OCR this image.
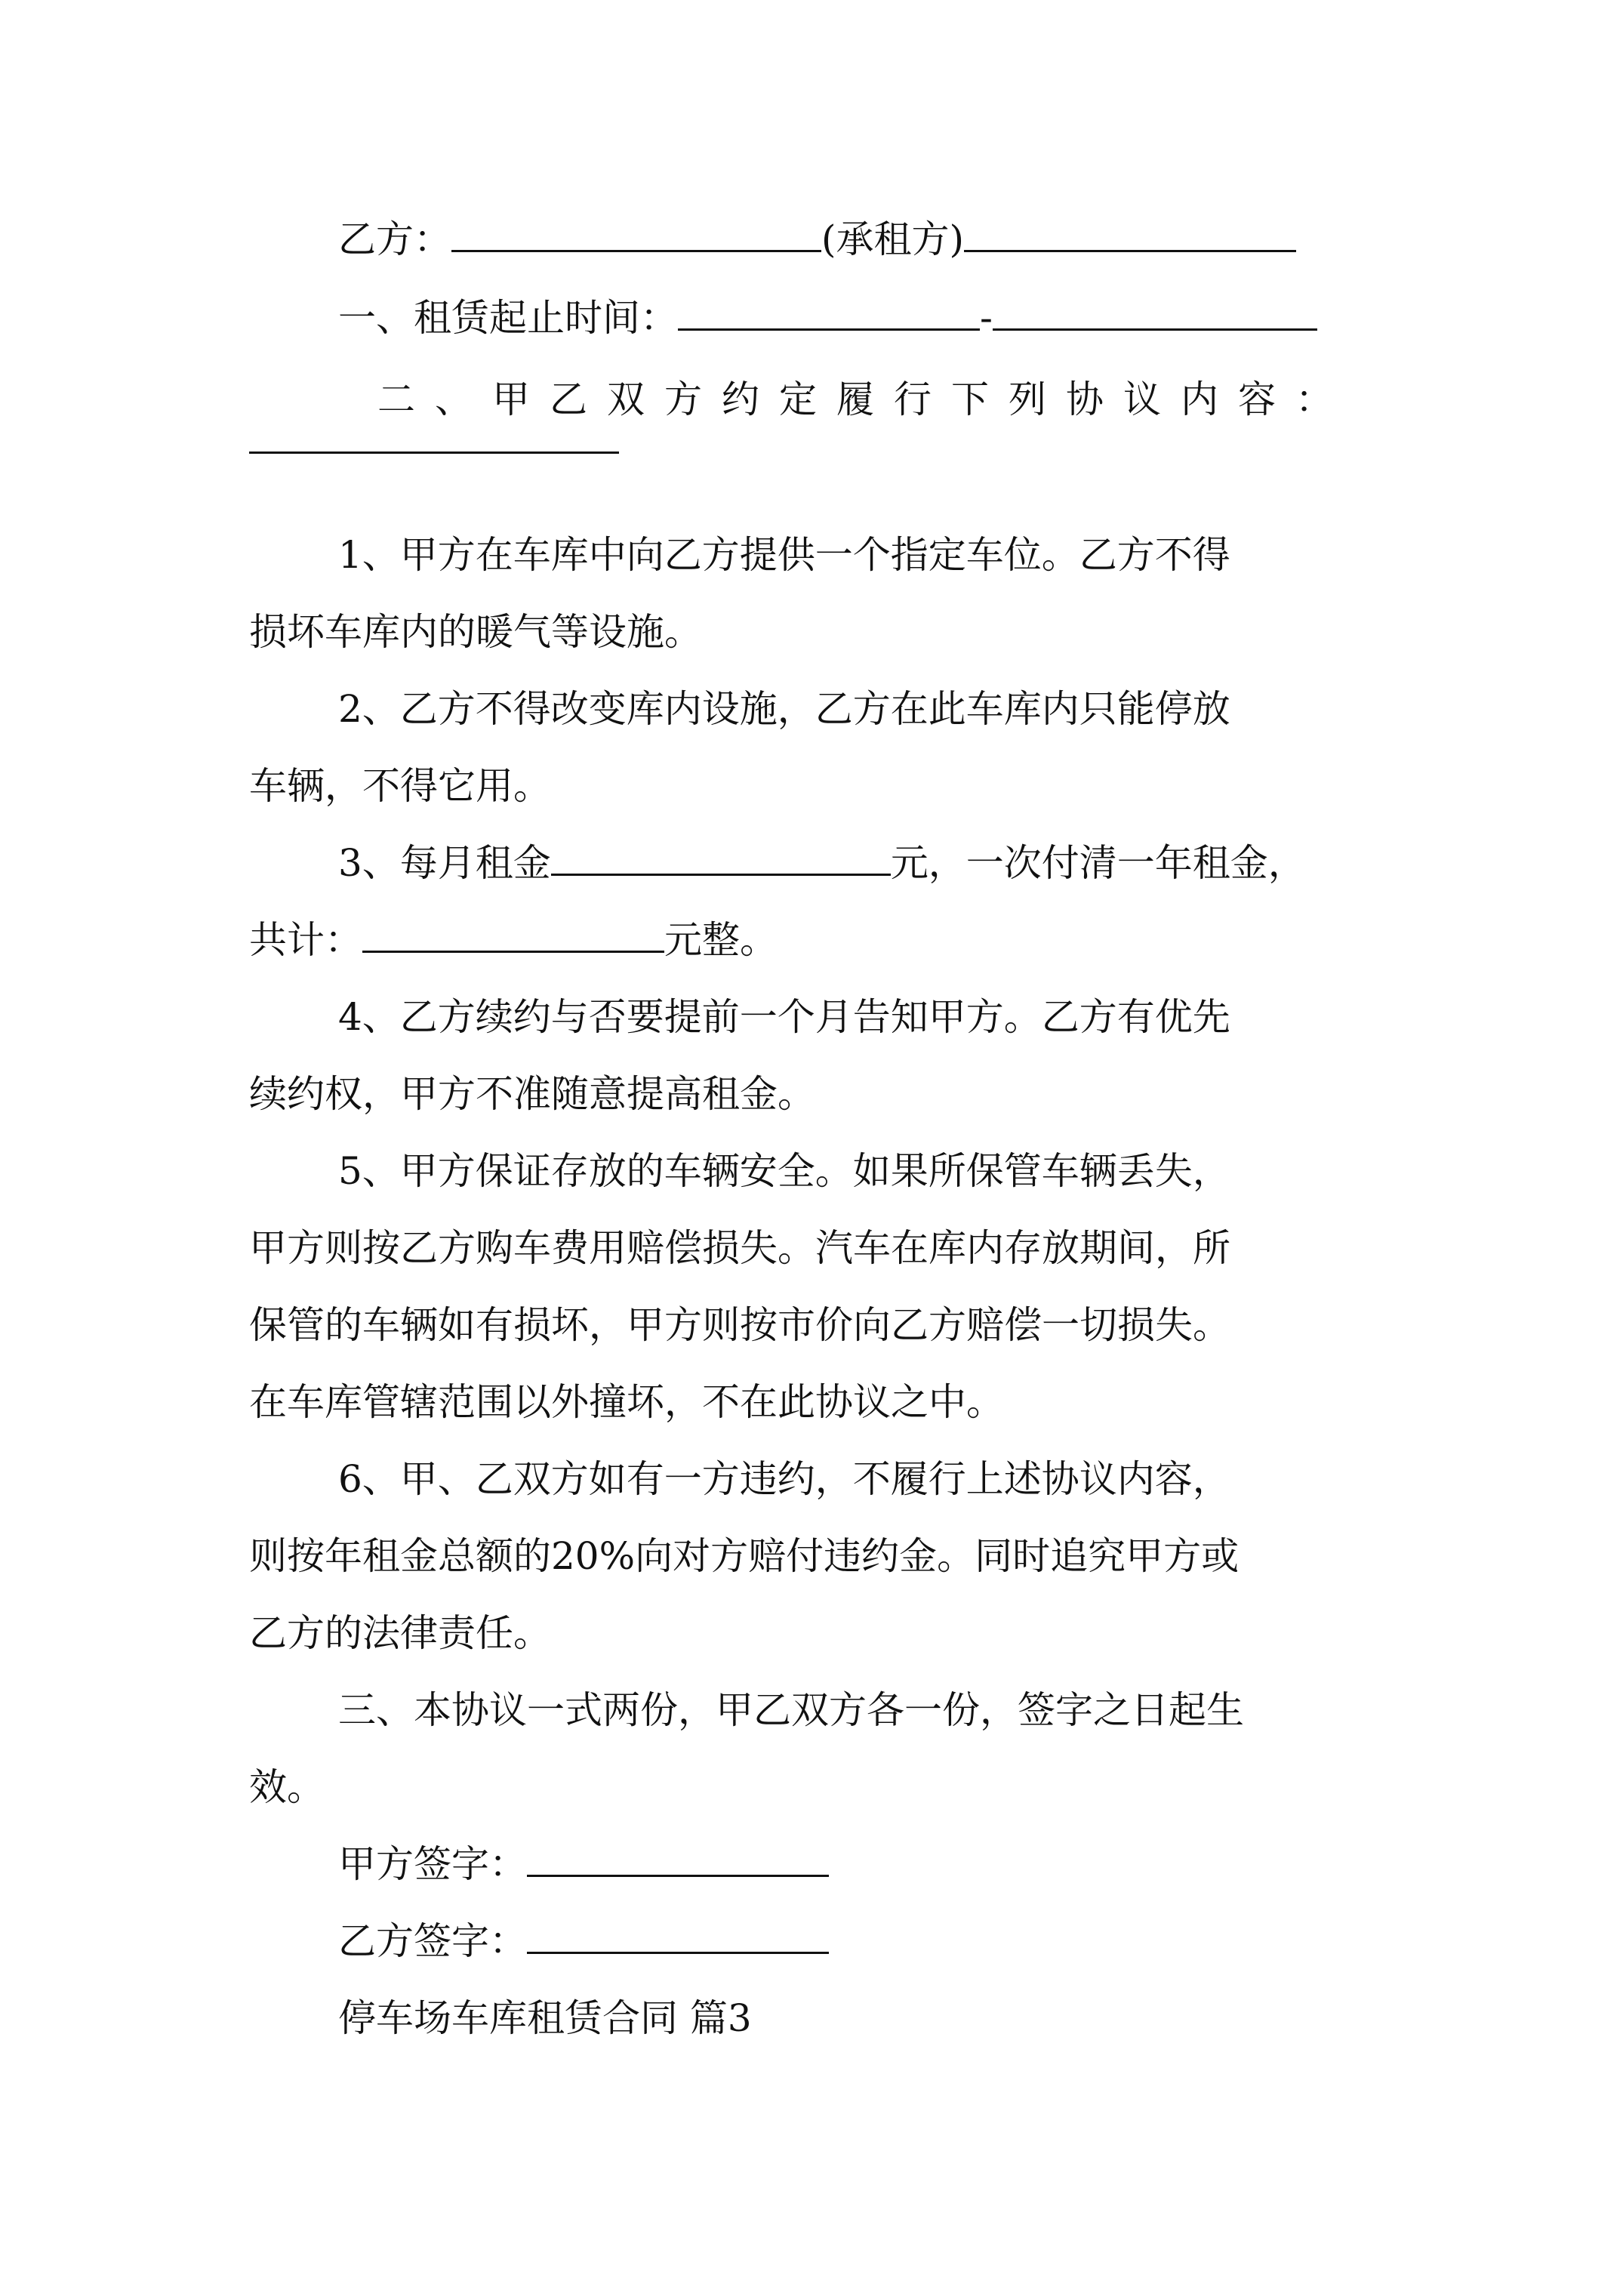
乙方：	(承租方)
一、租赁起止时间：	-
二、甲乙双方约定履行下列协议内容：
1、甲方在车库中向乙方提供一个指定车位。乙方不得
损坏车库内的暖气等设施。
2、乙方不得改变库内设施，乙方在此车库内只能停放
车辆，不得它用。
3、每月租金	元，一次付清一年租金，
共计：	元整。
4、乙方续约与否要提前一个月告知甲方。乙方有优先
续约权，甲方不准随意提高租金。
5、甲方保证存放的车辆安全。如果所保管车辆丢失，
甲方则按乙方购车费用赔偿损失。汽车在库内存放期间，所
保管的车辆如有损坏，甲方则按市价向乙方赔偿一切损失。
在车库管辖范围以外撞坏，不在此协议之中。
6、甲、乙双方如有一方违约，不履行上述协议内容，
则按年租金总额的20%向对方赔付违约金。同时追究甲方或
乙方的法律责任。
三、本协议一式两份，甲乙双方各一份，签字之日起生
效。
甲方签字：
乙方签字：
停车场车库租赁合同 篇3
